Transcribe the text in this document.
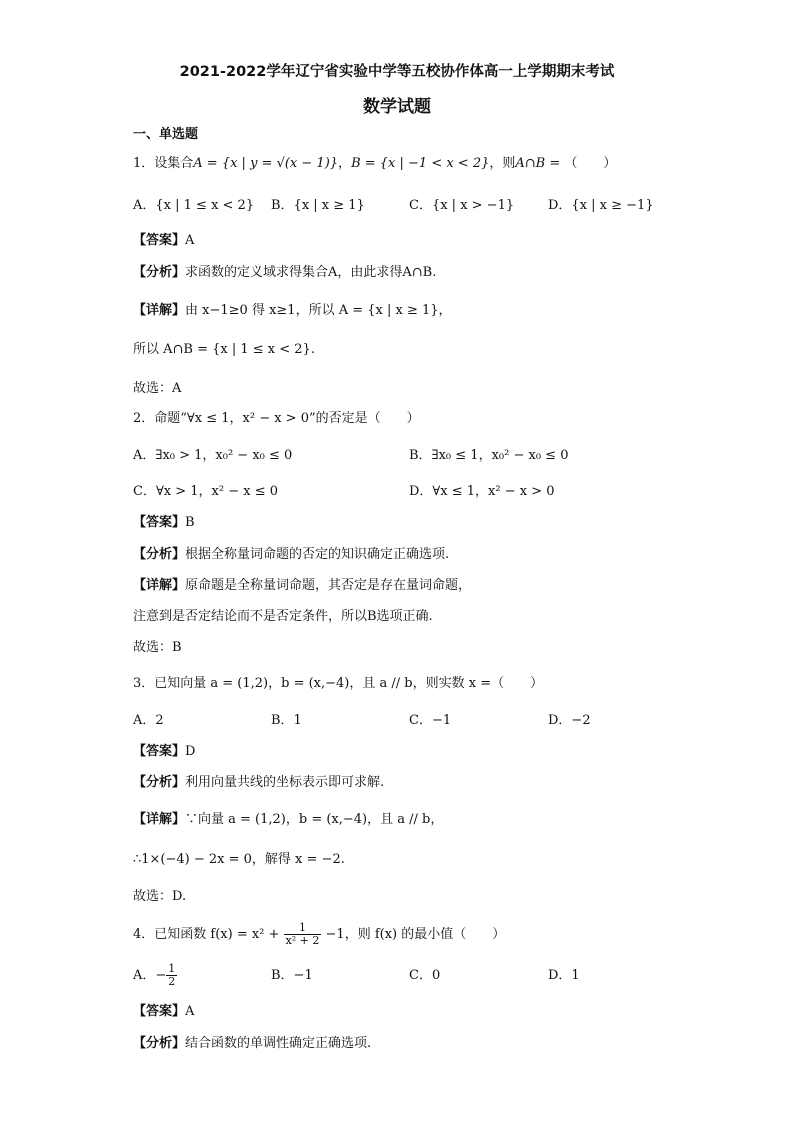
2021-2022学年辽宁省实验中学等五校协作体高一上学期期末考试
数学试题
一、单选题
1．设集合A = {x | y = √(x − 1)}，B = {x | −1 < x < 2}，则A∩B = （　　）
A．{x | 1 ≤ x < 2} B．{x | x ≥ 1}	C．{x | x > −1}	D．{x | x ≥ −1}
【答案】A
【分析】求函数的定义域求得集合A，由此求得A∩B.
【详解】由 x−1≥0 得 x≥1，所以 A = {x | x ≥ 1}，
所以 A∩B = {x | 1 ≤ x < 2}.
故选：A
2．命题“∀x ≤ 1，x² − x > 0”的否定是（　　）
A．∃x₀ > 1，x₀² − x₀ ≤ 0	B．∃x₀ ≤ 1，x₀² − x₀ ≤ 0
C．∀x > 1，x² − x ≤ 0	D．∀x ≤ 1，x² − x > 0
【答案】B
【分析】根据全称量词命题的否定的知识确定正确选项.
【详解】原命题是全称量词命题，其否定是存在量词命题，
注意到是否定结论而不是否定条件，所以B选项正确.
故选：B
3．已知向量 a = (1,2)，b = (x,−4)，且 a // b，则实数 x =（　　）
A．2	B．1	C．−1	D．−2
【答案】D
【分析】利用向量共线的坐标表示即可求解.
【详解】∵向量 a = (1,2)，b = (x,−4)，且 a // b，
∴1×(−4) − 2x = 0，解得 x = −2.
故选：D.
4．已知函数 $f(x) = x^2 + \frac{1}{\text{x² + 2}} -1$，则 f(x) 的最小值（　　）
A．− $\frac{1}{2}$	B．−1	C．0	D．1
【答案】A
【分析】结合函数的单调性确定正确选项.
